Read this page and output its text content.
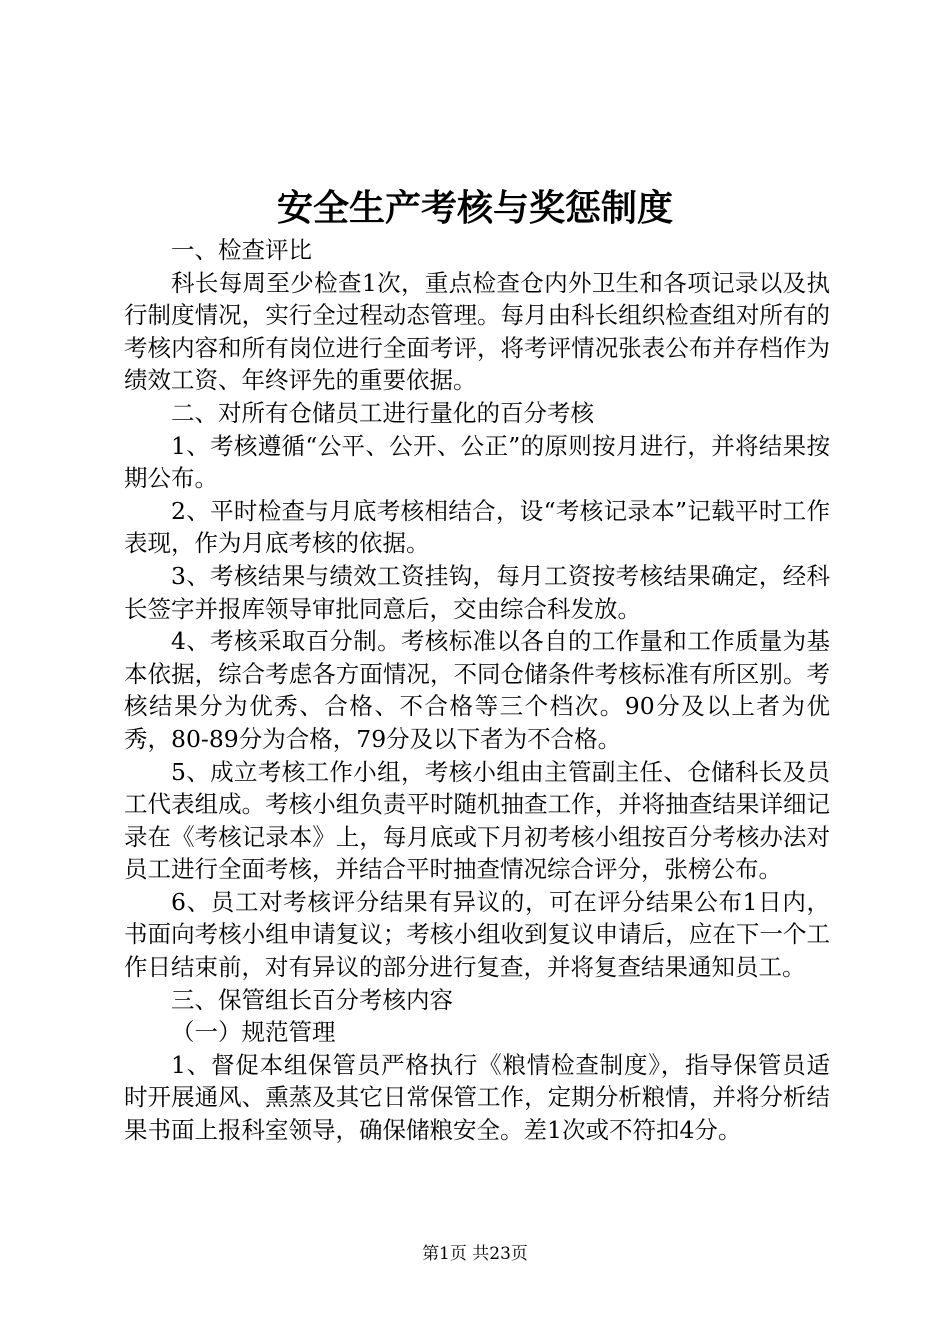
安全生产考核与奖惩制度

一、检查评比

科长每周至少检查1次，重点检查仓内外卫生和各项记录以及执行制度情况，实行全过程动态管理。每月由科长组织检查组对所有的考核内容和所有岗位进行全面考评，将考评情况张表公布并存档作为绩效工资、年终评先的重要依据。

二、对所有仓储员工进行量化的百分考核

1、考核遵循“公平、公开、公正”的原则按月进行，并将结果按期公布。

2、平时检查与月底考核相结合，设“考核记录本”记载平时工作表现，作为月底考核的依据。

3、考核结果与绩效工资挂钩，每月工资按考核结果确定，经科长签字并报库领导审批同意后，交由综合科发放。

4、考核采取百分制。考核标准以各自的工作量和工作质量为基本依据，综合考虑各方面情况，不同仓储条件考核标准有所区别。考核结果分为优秀、合格、不合格等三个档次。90分及以上者为优秀，80-89分为合格，79分及以下者为不合格。

5、成立考核工作小组，考核小组由主管副主任、仓储科长及员工代表组成。考核小组负责平时随机抽查工作，并将抽查结果详细记录在《考核记录本》上，每月底或下月初考核小组按百分考核办法对员工进行全面考核，并结合平时抽查情况综合评分，张榜公布。

6、员工对考核评分结果有异议的，可在评分结果公布1日内，书面向考核小组申请复议；考核小组收到复议申请后，应在下一个工作日结束前，对有异议的部分进行复查，并将复查结果通知员工。

三、保管组长百分考核内容

（一）规范管理

1、督促本组保管员严格执行《粮情检查制度》，指导保管员适时开展通风、熏蒸及其它日常保管工作，定期分析粮情，并将分析结果书面上报科室领导，确保储粮安全。差1次或不符扣4分。

第1页 共23页
